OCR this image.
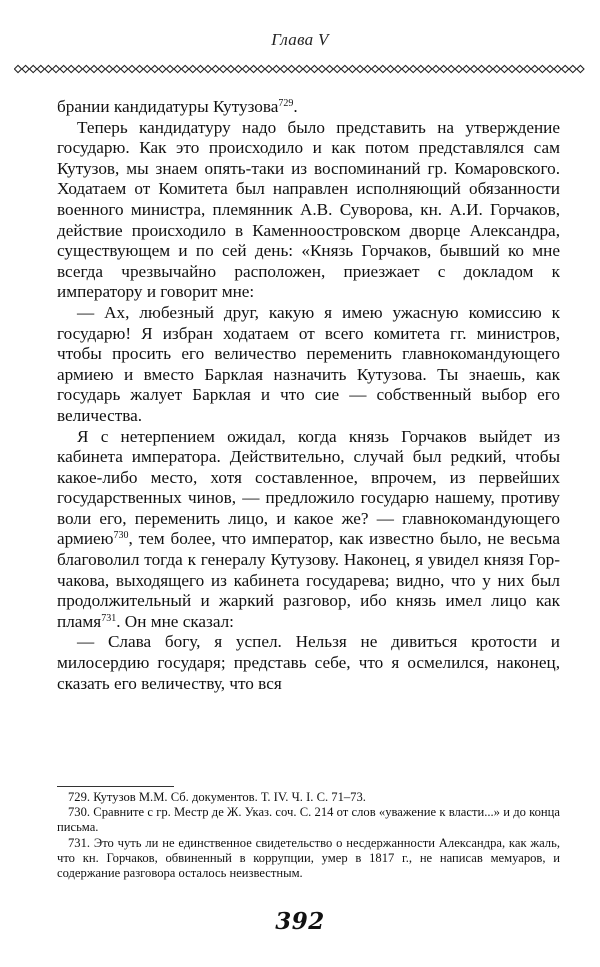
Глава V

брании кандидатуры Кутузова$^{729}$.

Теперь кандидатуру надо было представить на утверждение государю. Как это происходило и как потом представлялся сам Кутузов, мы знаем опять-таки из воспоминаний гр. Комаровского. Ходатаем от Комитета был направлен исполняющий обязанности военного министра, племянник А.В. Суворова, кн. А.И. Горчаков, действие происходило в Каменноостровском дворце Александра, существующем и по сей день: «Князь Горчаков, бывший ко мне всегда чрезвычайно расположен, приезжает с докладом к императору и говорит мне:

— Ах, любезный друг, какую я имею ужасную комиссию к государю! Я избран ходатаем от всего комитета гг. министров, чтобы просить его величество переменить главнокомандующего армиею и вместо Барклая назначить Кутузова. Ты знаешь, как государь жалует Барклая и что сие — собственный выбор его величества.

Я с нетерпением ожидал, когда князь Горчаков выйдет из кабинета императора. Действительно, случай был редкий, чтобы какое-либо место, хотя составленное, впрочем, из первейших государственных чинов, — предложило государю нашему, противу воли его, переменить лицо, и какое же? — главнокомандующего армиею$^{730}$, тем более, что император, как известно было, не весьма благоволил тогда к генералу Кутузову. Наконец, я увидел князя Горчакова, выходящего из кабинета государева; видно, что у них был продолжительный и жаркий разговор, ибо князь имел лицо как пламя$^{731}$. Он мне сказал:

— Слава богу, я успел. Нельзя не дивиться кротости и милосердию государя; представь себе, что я осмелился, наконец, сказать его величеству, что вся

729. Кутузов М.М. Сб. документов. Т. IV. Ч. I. С. 71–73.

730. Сравните с гр. Местр де Ж. Указ. соч. С. 214 от слов «уважение к власти...» и до конца письма.

731. Это чуть ли не единственное свидетельство о несдержанности Александра, как жаль, что кн. Горчаков, обвиненный в коррупции, умер в 1817 г., не написав мемуаров, и содержание разговора осталось неизвестным.

392
